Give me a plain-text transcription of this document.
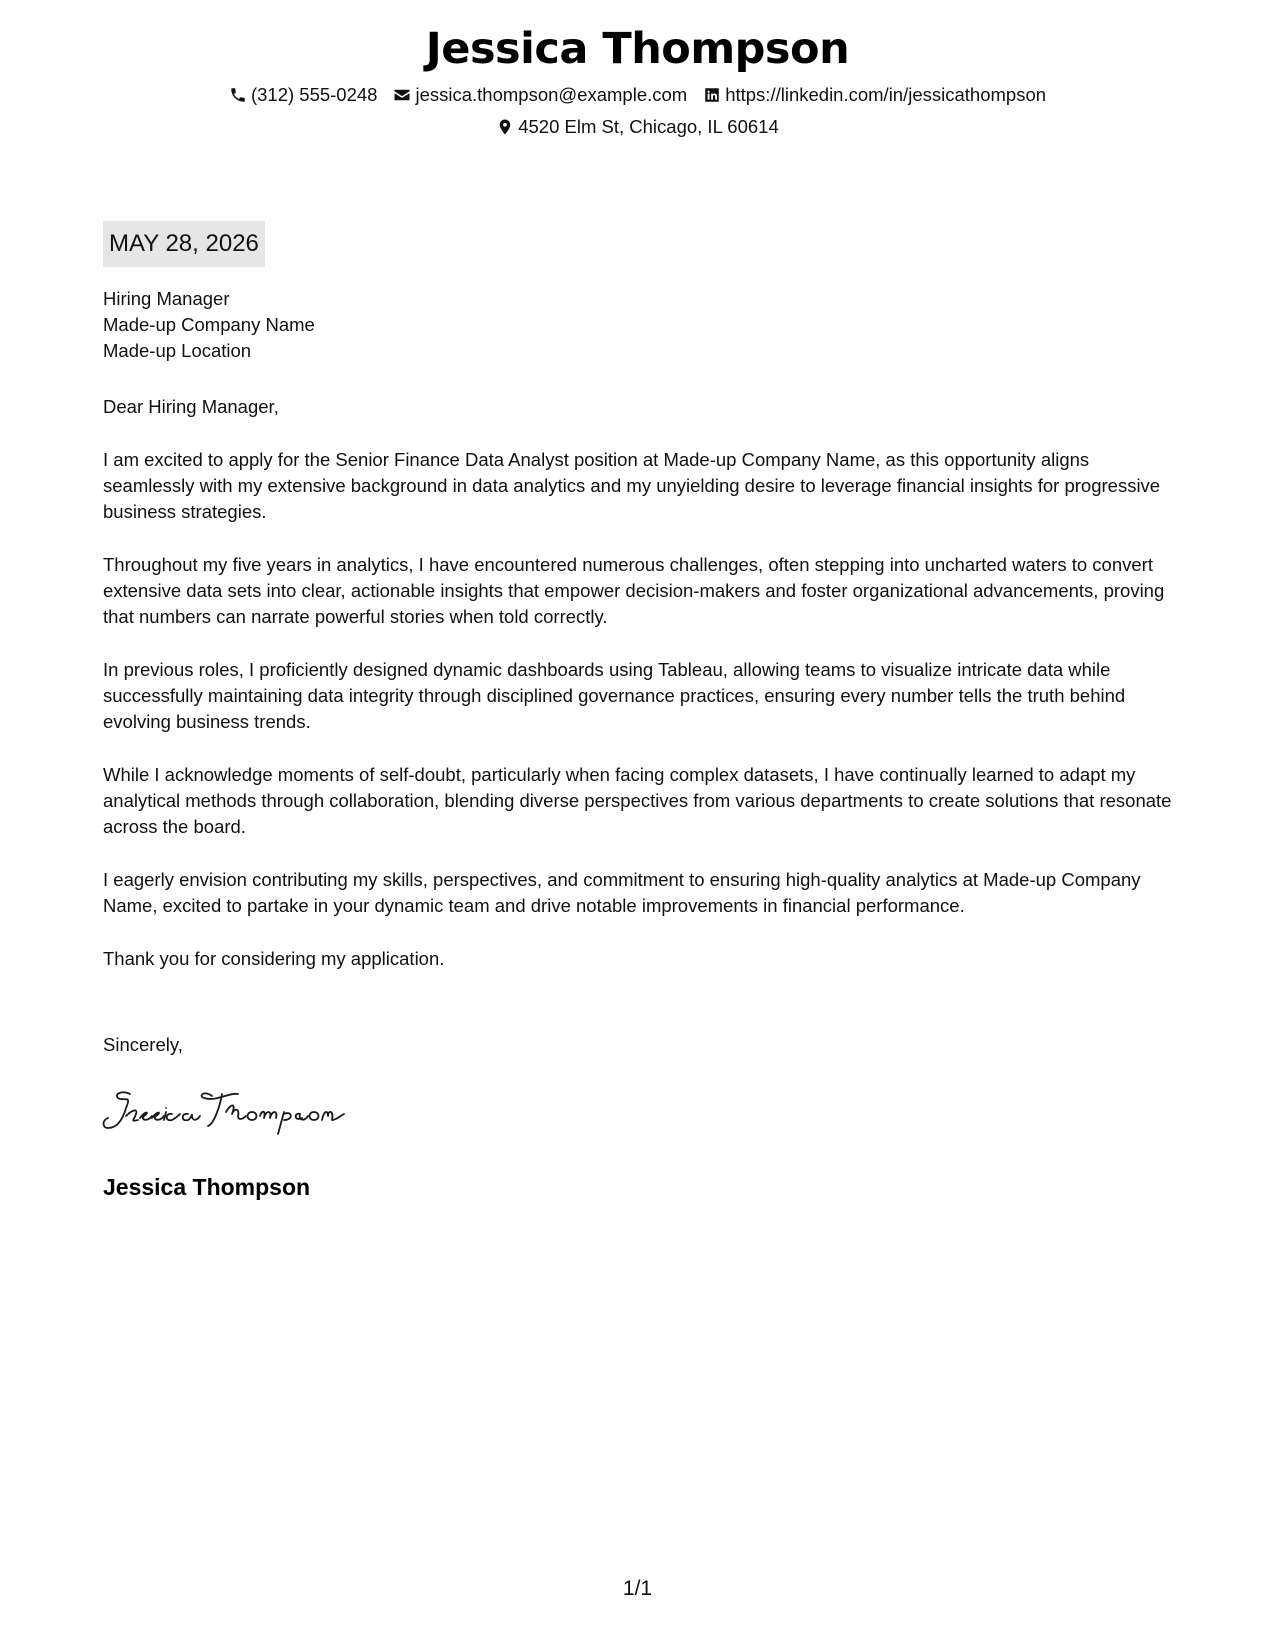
Jessica Thompson
(312) 555-0248 jessica.thompson@example.com https://linkedin.com/in/jessicathompson
4520 Elm St, Chicago, IL 60614
MAY 28, 2026
Hiring Manager
Made-up Company Name
Made-up Location

Dear Hiring Manager,

I am excited to apply for the Senior Finance Data Analyst position at Made-up Company Name, as this opportunity aligns seamlessly with my extensive background in data analytics and my unyielding desire to leverage financial insights for progressive business strategies.

Throughout my five years in analytics, I have encountered numerous challenges, often stepping into uncharted waters to convert extensive data sets into clear, actionable insights that empower decision-makers and foster organizational advancements, proving that numbers can narrate powerful stories when told correctly.

In previous roles, I proficiently designed dynamic dashboards using Tableau, allowing teams to visualize intricate data while successfully maintaining data integrity through disciplined governance practices, ensuring every number tells the truth behind evolving business trends.

While I acknowledge moments of self-doubt, particularly when facing complex datasets, I have continually learned to adapt my analytical methods through collaboration, blending diverse perspectives from various departments to create solutions that resonate across the board.

I eagerly envision contributing my skills, perspectives, and commitment to ensuring high-quality analytics at Made-up Company Name, excited to partake in your dynamic team and drive notable improvements in financial performance.

Thank you for considering my application.

Sincerely,
Jessica Thompson
1/1
